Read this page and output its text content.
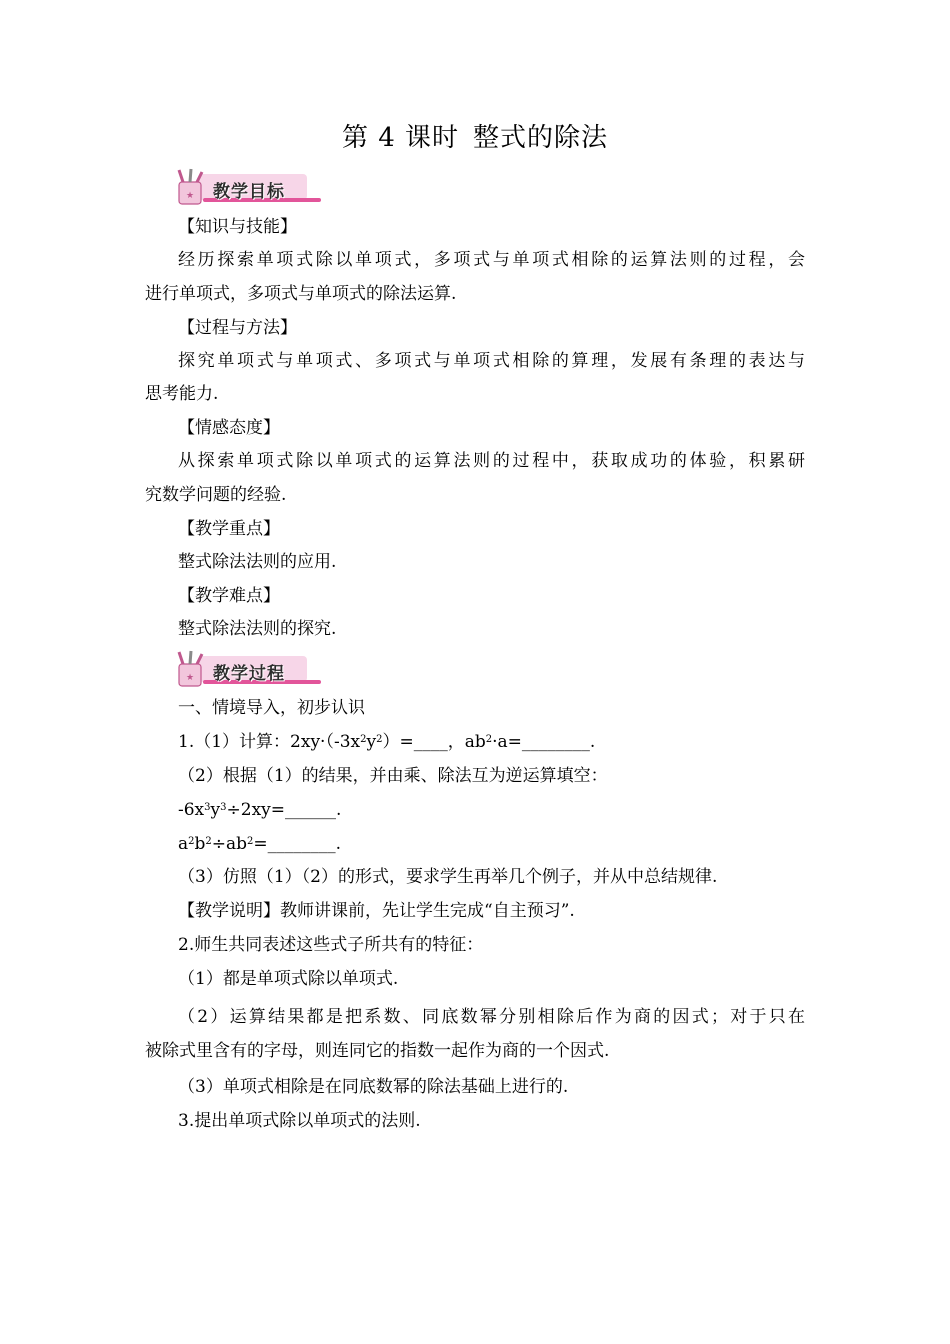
第 4 课时 整式的除法
★ 教学目标
【知识与技能】
经历探索单项式除以单项式，多项式与单项式相除的运算法则的过程，会
进行单项式，多项式与单项式的除法运算.
【过程与方法】
探究单项式与单项式、多项式与单项式相除的算理，发展有条理的表达与
思考能力.
【情感态度】
从探索单项式除以单项式的运算法则的过程中，获取成功的体验，积累研
究数学问题的经验.
【教学重点】
整式除法法则的应用.
【教学难点】
整式除法法则的探究.
★ 教学过程
一、情境导入，初步认识
1.（1）计算：$2xy\cdot(-3x^2y^2)=\_\_\_\_$，$ab^2\cdot a=\_\_\_\_\_\_\_\_$.
（2）根据（1）的结果，并由乘、除法互为逆运算填空：
$-6x^3y^3\div 2xy=\_\_\_\_\_\_$.
$a^2b^2\div ab^2=\_\_\_\_\_\_\_\_$.
（3）仿照（1）（2）的形式，要求学生再举几个例子，并从中总结规律.
【教学说明】教师讲课前，先让学生完成“自主预习”.
2.师生共同表述这些式子所共有的特征：
（1）都是单项式除以单项式.
（2）运算结果都是把系数、同底数幂分别相除后作为商的因式；对于只在
被除式里含有的字母，则连同它的指数一起作为商的一个因式.
（3）单项式相除是在同底数幂的除法基础上进行的.
3.提出单项式除以单项式的法则.
